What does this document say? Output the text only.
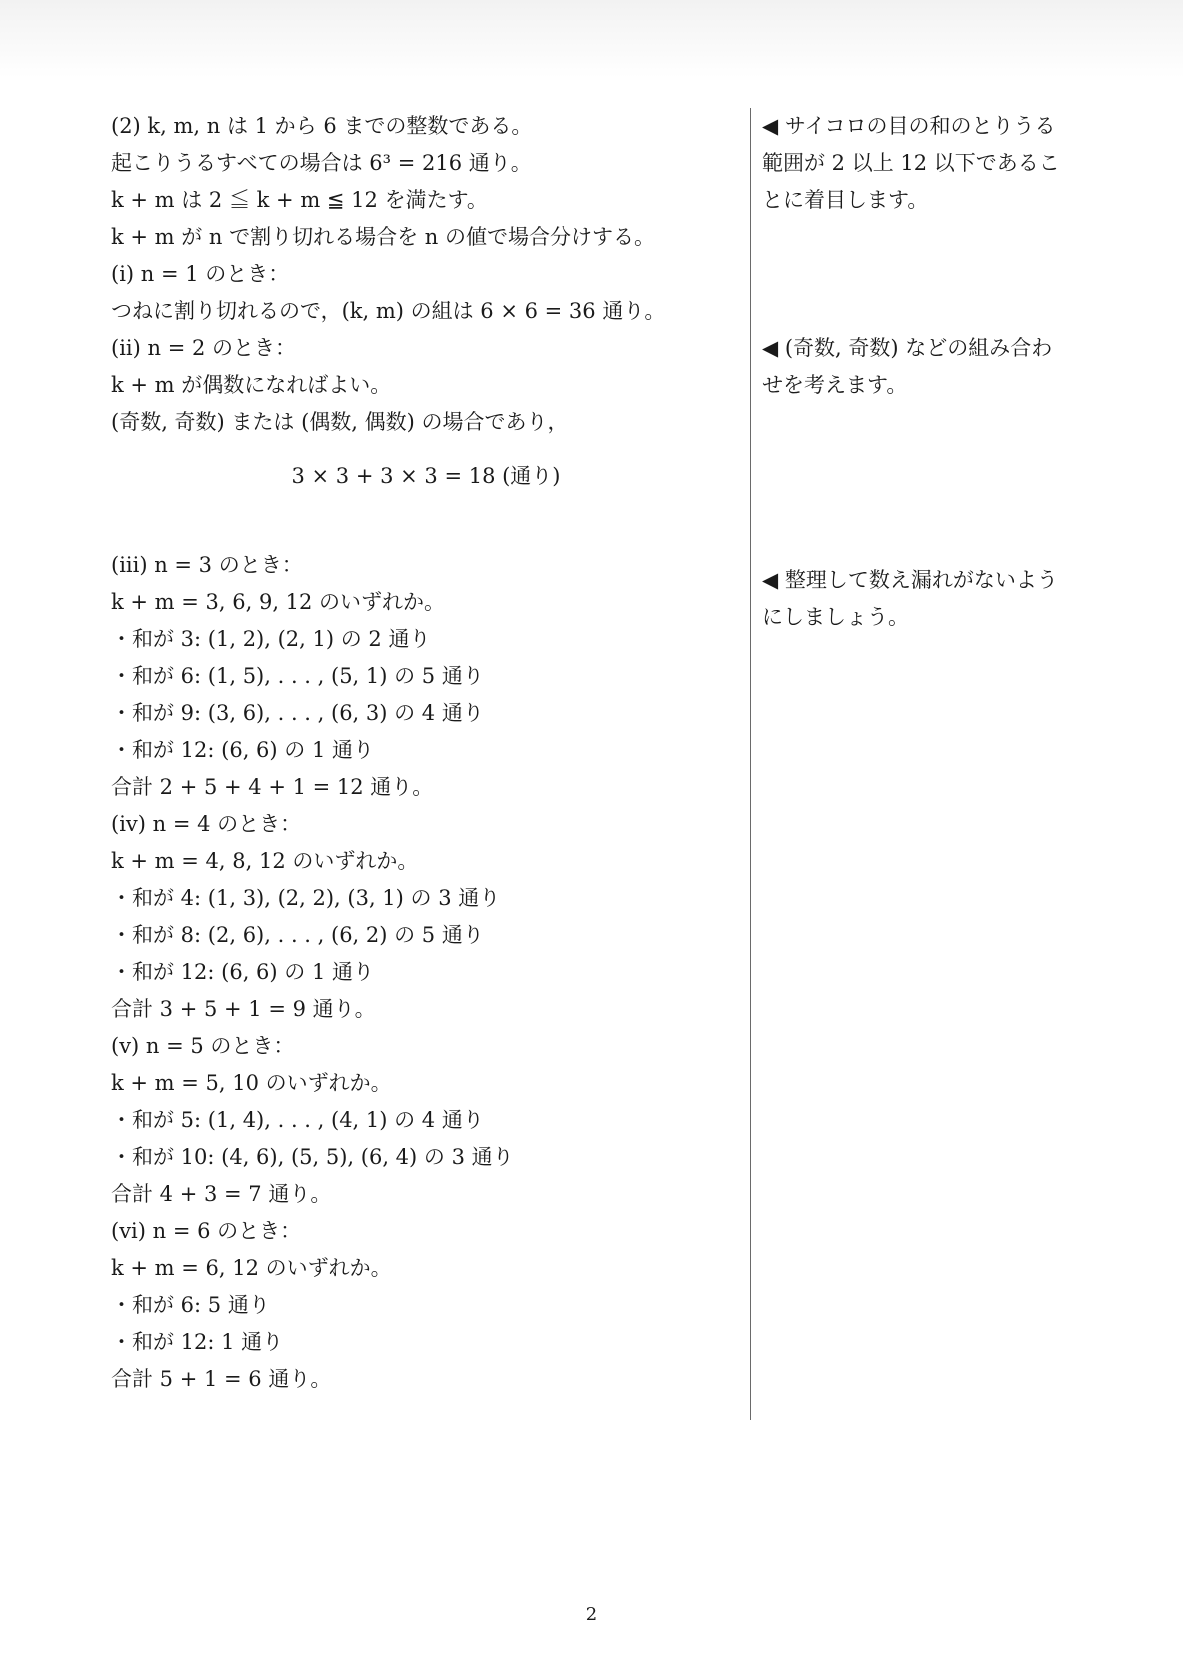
(2) k, m, n は 1 から 6 までの整数である。
起こりうるすべての場合は 6³ = 216 通り。
k + m は 2 ≦ k + m ≦ 12 を満たす。
k + m が n で割り切れる場合を n の値で場合分けする。
(i) n = 1 のとき：
つねに割り切れるので，(k, m) の組は 6 × 6 = 36 通り。
(ii) n = 2 のとき：
k + m が偶数になればよい。
(奇数, 奇数) または (偶数, 偶数) の場合であり，
3 × 3 + 3 × 3 = 18 (通り)
(iii) n = 3 のとき：
k + m = 3, 6, 9, 12 のいずれか。
・和が 3: (1, 2), (2, 1) の 2 通り
・和が 6: (1, 5), . . . , (5, 1) の 5 通り
・和が 9: (3, 6), . . . , (6, 3) の 4 通り
・和が 12: (6, 6) の 1 通り
合計 2 + 5 + 4 + 1 = 12 通り。
(iv) n = 4 のとき：
k + m = 4, 8, 12 のいずれか。
・和が 4: (1, 3), (2, 2), (3, 1) の 3 通り
・和が 8: (2, 6), . . . , (6, 2) の 5 通り
・和が 12: (6, 6) の 1 通り
合計 3 + 5 + 1 = 9 通り。
(v) n = 5 のとき：
k + m = 5, 10 のいずれか。
・和が 5: (1, 4), . . . , (4, 1) の 4 通り
・和が 10: (4, 6), (5, 5), (6, 4) の 3 通り
合計 4 + 3 = 7 通り。
(vi) n = 6 のとき：
k + m = 6, 12 のいずれか。
・和が 6: 5 通り
・和が 12: 1 通り
合計 5 + 1 = 6 通り。
◀ サイコロの目の和のとりうる
範囲が 2 以上 12 以下であるこ
とに着目します。
◀ (奇数, 奇数) などの組み合わ
せを考えます。
◀ 整理して数え漏れがないよう
にしましょう。
2
